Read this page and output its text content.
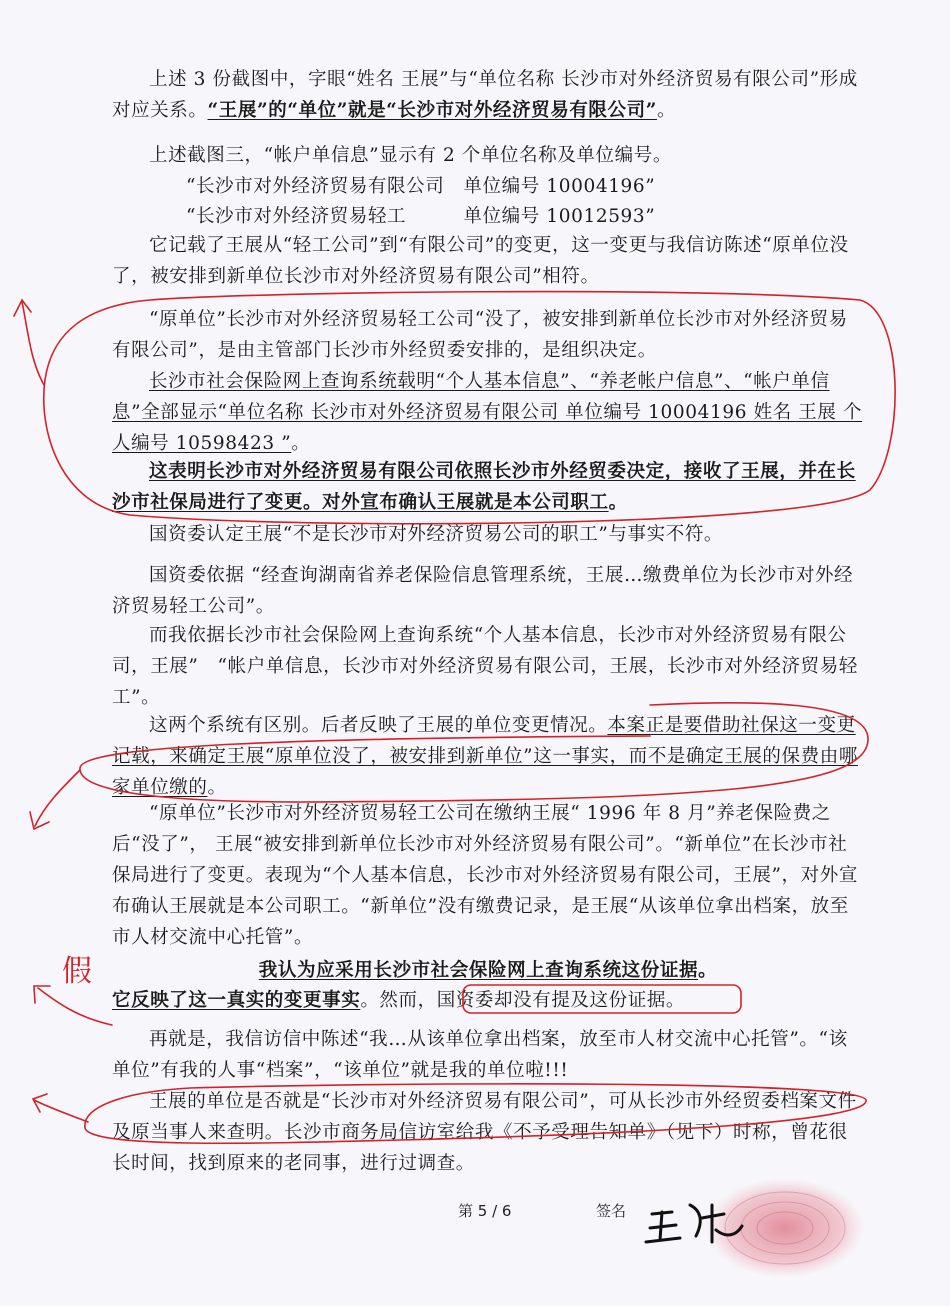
上述 3 份截图中，字眼“姓名 王展”与“单位名称 长沙市对外经济贸易有限公司”形成对应关系。“王展”的“单位”就是“长沙市对外经济贸易有限公司”。

上述截图三，“帐户单信息”显示有 2 个单位名称及单位编号。

“长沙市对外经济贸易有限公司　单位编号 10004196”
“长沙市对外经济贸易轻工　　　单位编号 10012593”

它记载了王展从“轻工公司”到“有限公司”的变更，这一变更与我信访陈述“原单位没了，被安排到新单位长沙市对外经济贸易有限公司”相符。

“原单位”长沙市对外经济贸易轻工公司“没了，被安排到新单位长沙市对外经济贸易有限公司”，是由主管部门长沙市外经贸委安排的，是组织决定。

长沙市社会保险网上查询系统载明“个人基本信息”、“养老帐户信息”、“帐户单信息”全部显示“单位名称 长沙市对外经济贸易有限公司 单位编号 10004196 姓名 王展 个人编号 10598423 ”。

这表明长沙市对外经济贸易有限公司依照长沙市外经贸委决定，接收了王展，并在长沙市社保局进行了变更。对外宣布确认王展就是本公司职工。

国资委认定王展“不是长沙市对外经济贸易公司的职工”与事实不符。

国资委依据 “经查询湖南省养老保险信息管理系统，王展…缴费单位为长沙市对外经济贸易轻工公司”。

而我依据长沙市社会保险网上查询系统“个人基本信息，长沙市对外经济贸易有限公司，王展”　“帐户单信息，长沙市对外经济贸易有限公司，王展，长沙市对外经济贸易轻工”。

这两个系统有区别。后者反映了王展的单位变更情况。本案正是要借助社保这一变更记载，来确定王展“原单位没了，被安排到新单位”这一事实，而不是确定王展的保费由哪家单位缴的。

“原单位”长沙市对外经济贸易轻工公司在缴纳王展“ 1996 年 8 月”养老保险费之后“没了”， 王展“被安排到新单位长沙市对外经济贸易有限公司”。“新单位”在长沙市社保局进行了变更。表现为“个人基本信息，长沙市对外经济贸易有限公司，王展”，对外宣布确认王展就是本公司职工。“新单位”没有缴费记录，是王展“从该单位拿出档案，放至市人材交流中心托管”。

我认为应采用长沙市社会保险网上查询系统这份证据。

它反映了这一真实的变更事实。然而，国资委却没有提及这份证据。

再就是，我信访信中陈述“我…从该单位拿出档案，放至市人材交流中心托管”。“该单位”有我的人事“档案”，“该单位”就是我的单位啦!!!

王展的单位是否就是“长沙市对外经济贸易有限公司”，可从长沙市外经贸委档案文件及原当事人来查明。长沙市商务局信访室给我《不予受理告知单》（见下）时称，曾花很长时间，找到原来的老同事，进行过调查。

假
第 5 / 6	签名
